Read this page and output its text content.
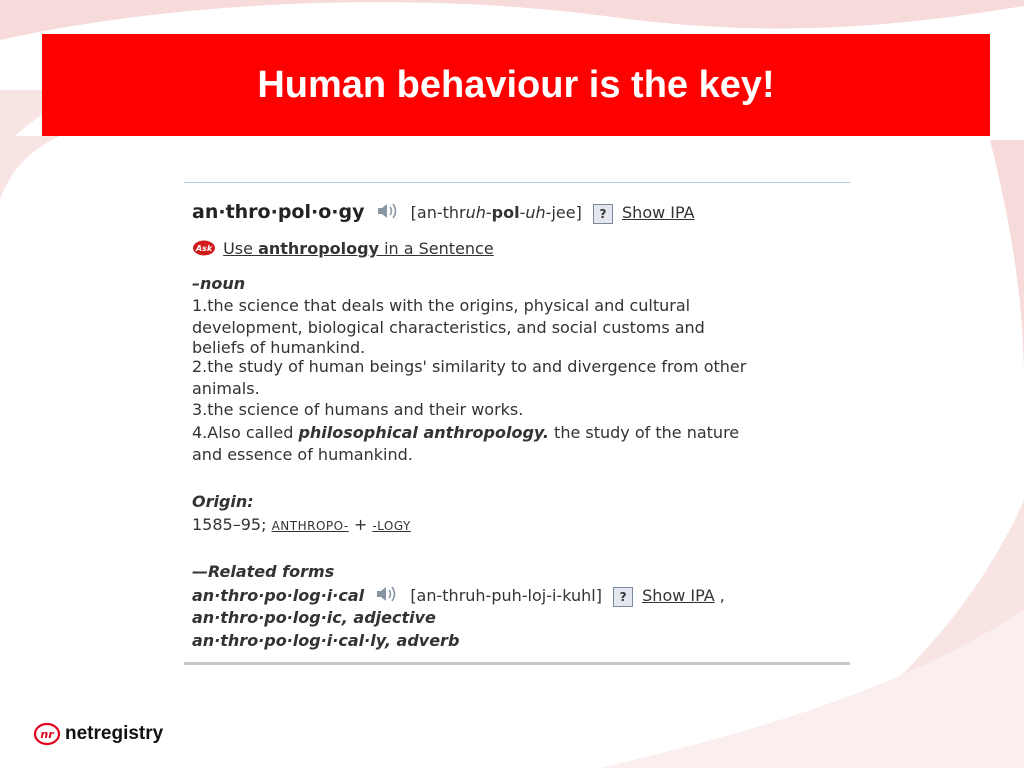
Human behaviour is the key!
an·thro·pol·o·gy	[an-thruh-pol-uh-jee] ? Show IPA
Ask Use anthropology in a Sentence
–noun
1.the science that deals with the origins, physical and cultural
development, biological characteristics, and social customs and
beliefs of humankind.
2.the study of human beings' similarity to and divergence from other
animals.
3.the science of humans and their works.
4.Also called philosophical anthropology. the study of the nature
and essence of humankind.
Origin:
1585–95; ANTHROPO- + -LOGY
—Related forms
an·thro·po·log·i·cal	[an-thruh-puh-loj-i-kuhl] ? Show IPA ,
an·thro·po·log·ic, adjective
an·thro·po·log·i·cal·ly, adverb
nr netregistry
